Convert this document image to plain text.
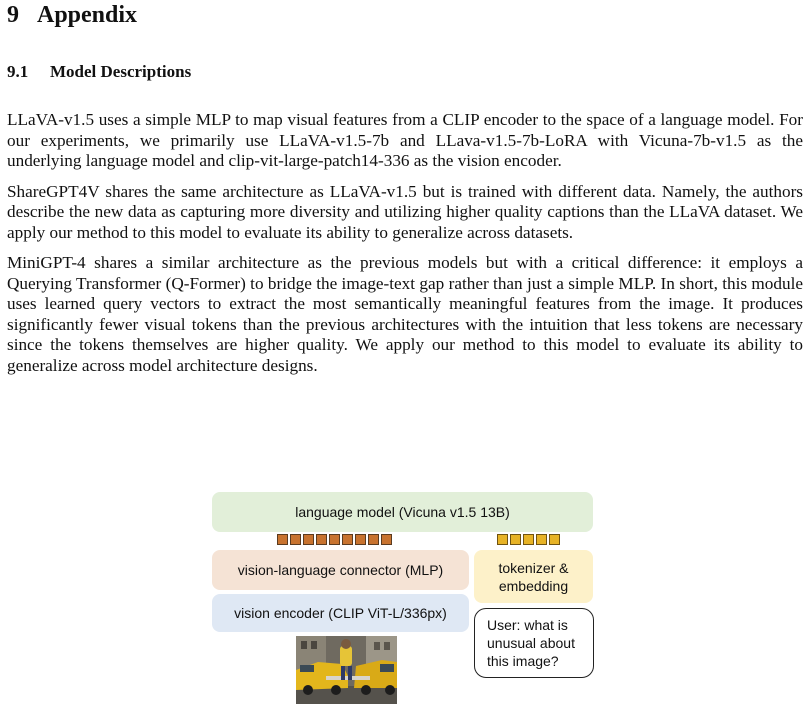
9 Appendix
9.1 Model Descriptions

LLaVA-v1.5 uses a simple MLP to map visual features from a CLIP encoder to the space of a language model. For our experiments, we primarily use LLaVA-v1.5-7b and LLava-v1.5-7b-LoRA with Vicuna-7b-v1.5 as the underlying language model and clip-vit-large-patch14-336 as the vision encoder.

ShareGPT4V shares the same architecture as LLaVA-v1.5 but is trained with different data. Namely, the authors describe the new data as capturing more diversity and utilizing higher quality captions than the LLaVA dataset. We apply our method to this model to evaluate its ability to generalize across datasets.

MiniGPT-4 shares a similar architecture as the previous models but with a critical difference: it employs a Querying Transformer (Q-Former) to bridge the image-text gap rather than just a simple MLP. In short, this module uses learned query vectors to extract the most semantically meaningful features from the image. It produces significantly fewer visual tokens than the previous architectures with the intuition that less tokens are necessary since the tokens themselves are higher quality. We apply our method to this model to evaluate its ability to generalize across model architecture designs.

language model (Vicuna v1.5 13B)
vision-language connector (MLP)
vision encoder (CLIP ViT-L/336px)
tokenizer &
embedding
User: what is
unusual about
this image?
